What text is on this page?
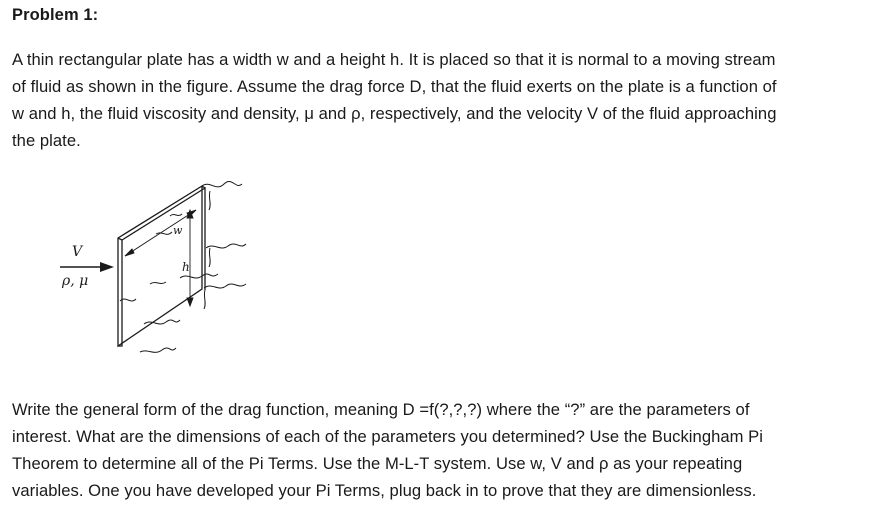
Problem 1:
A thin rectangular plate has a width w and a height h. It is placed so that it is normal to a moving stream
of fluid as shown in the figure. Assume the drag force D, that the fluid exerts on the plate is a function of
w and h, the fluid viscosity and density, μ and ρ, respectively, and the velocity V of the fluid approaching
the plate.
w
h
V
ρ, μ
Write the general form of the drag function, meaning D =f(?,?,?) where the “?” are the parameters of
interest. What are the dimensions of each of the parameters you determined? Use the Buckingham Pi
Theorem to determine all of the Pi Terms. Use the M-L-T system. Use w, V and ρ as your repeating
variables. One you have developed your Pi Terms, plug back in to prove that they are dimensionless.
